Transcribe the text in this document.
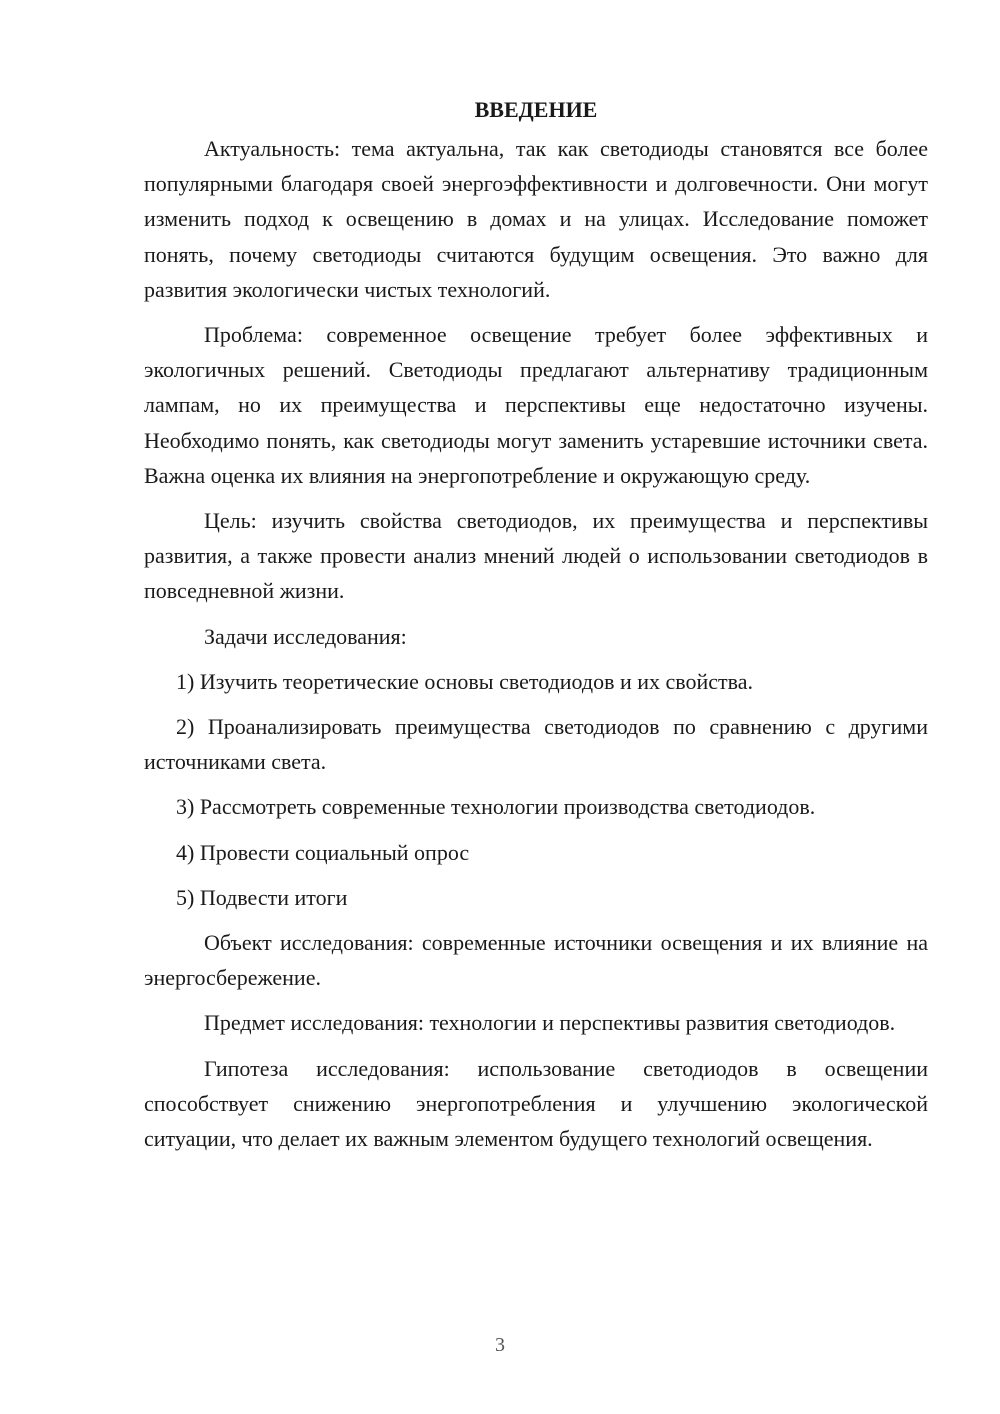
ВВЕДЕНИЕ

Актуальность: тема актуальна, так как светодиоды становятся все более популярными благодаря своей энергоэффективности и долговечности. Они могут изменить подход к освещению в домах и на улицах. Исследование поможет понять, почему светодиоды считаются будущим освещения. Это важно для развития экологически чистых технологий.

Проблема: современное освещение требует более эффективных и экологичных решений. Светодиоды предлагают альтернативу традиционным лампам, но их преимущества и перспективы еще недостаточно изучены. Необходимо понять, как светодиоды могут заменить устаревшие источники света. Важна оценка их влияния на энергопотребление и окружающую среду.

Цель: изучить свойства светодиодов, их преимущества и перспективы развития, а также провести анализ мнений людей о использовании светодиодов в повседневной жизни.

Задачи исследования:

1) Изучить теоретические основы светодиодов и их свойства.

2) Проанализировать преимущества светодиодов по сравнению с другими источниками света.

3) Рассмотреть современные технологии производства светодиодов.

4) Провести социальный опрос

5) Подвести итоги

Объект исследования: современные источники освещения и их влияние на энергосбережение.

Предмет исследования: технологии и перспективы развития светодиодов.

Гипотеза исследования: использование светодиодов в освещении способствует снижению энергопотребления и улучшению экологической ситуации, что делает их важным элементом будущего технологий освещения.

3
